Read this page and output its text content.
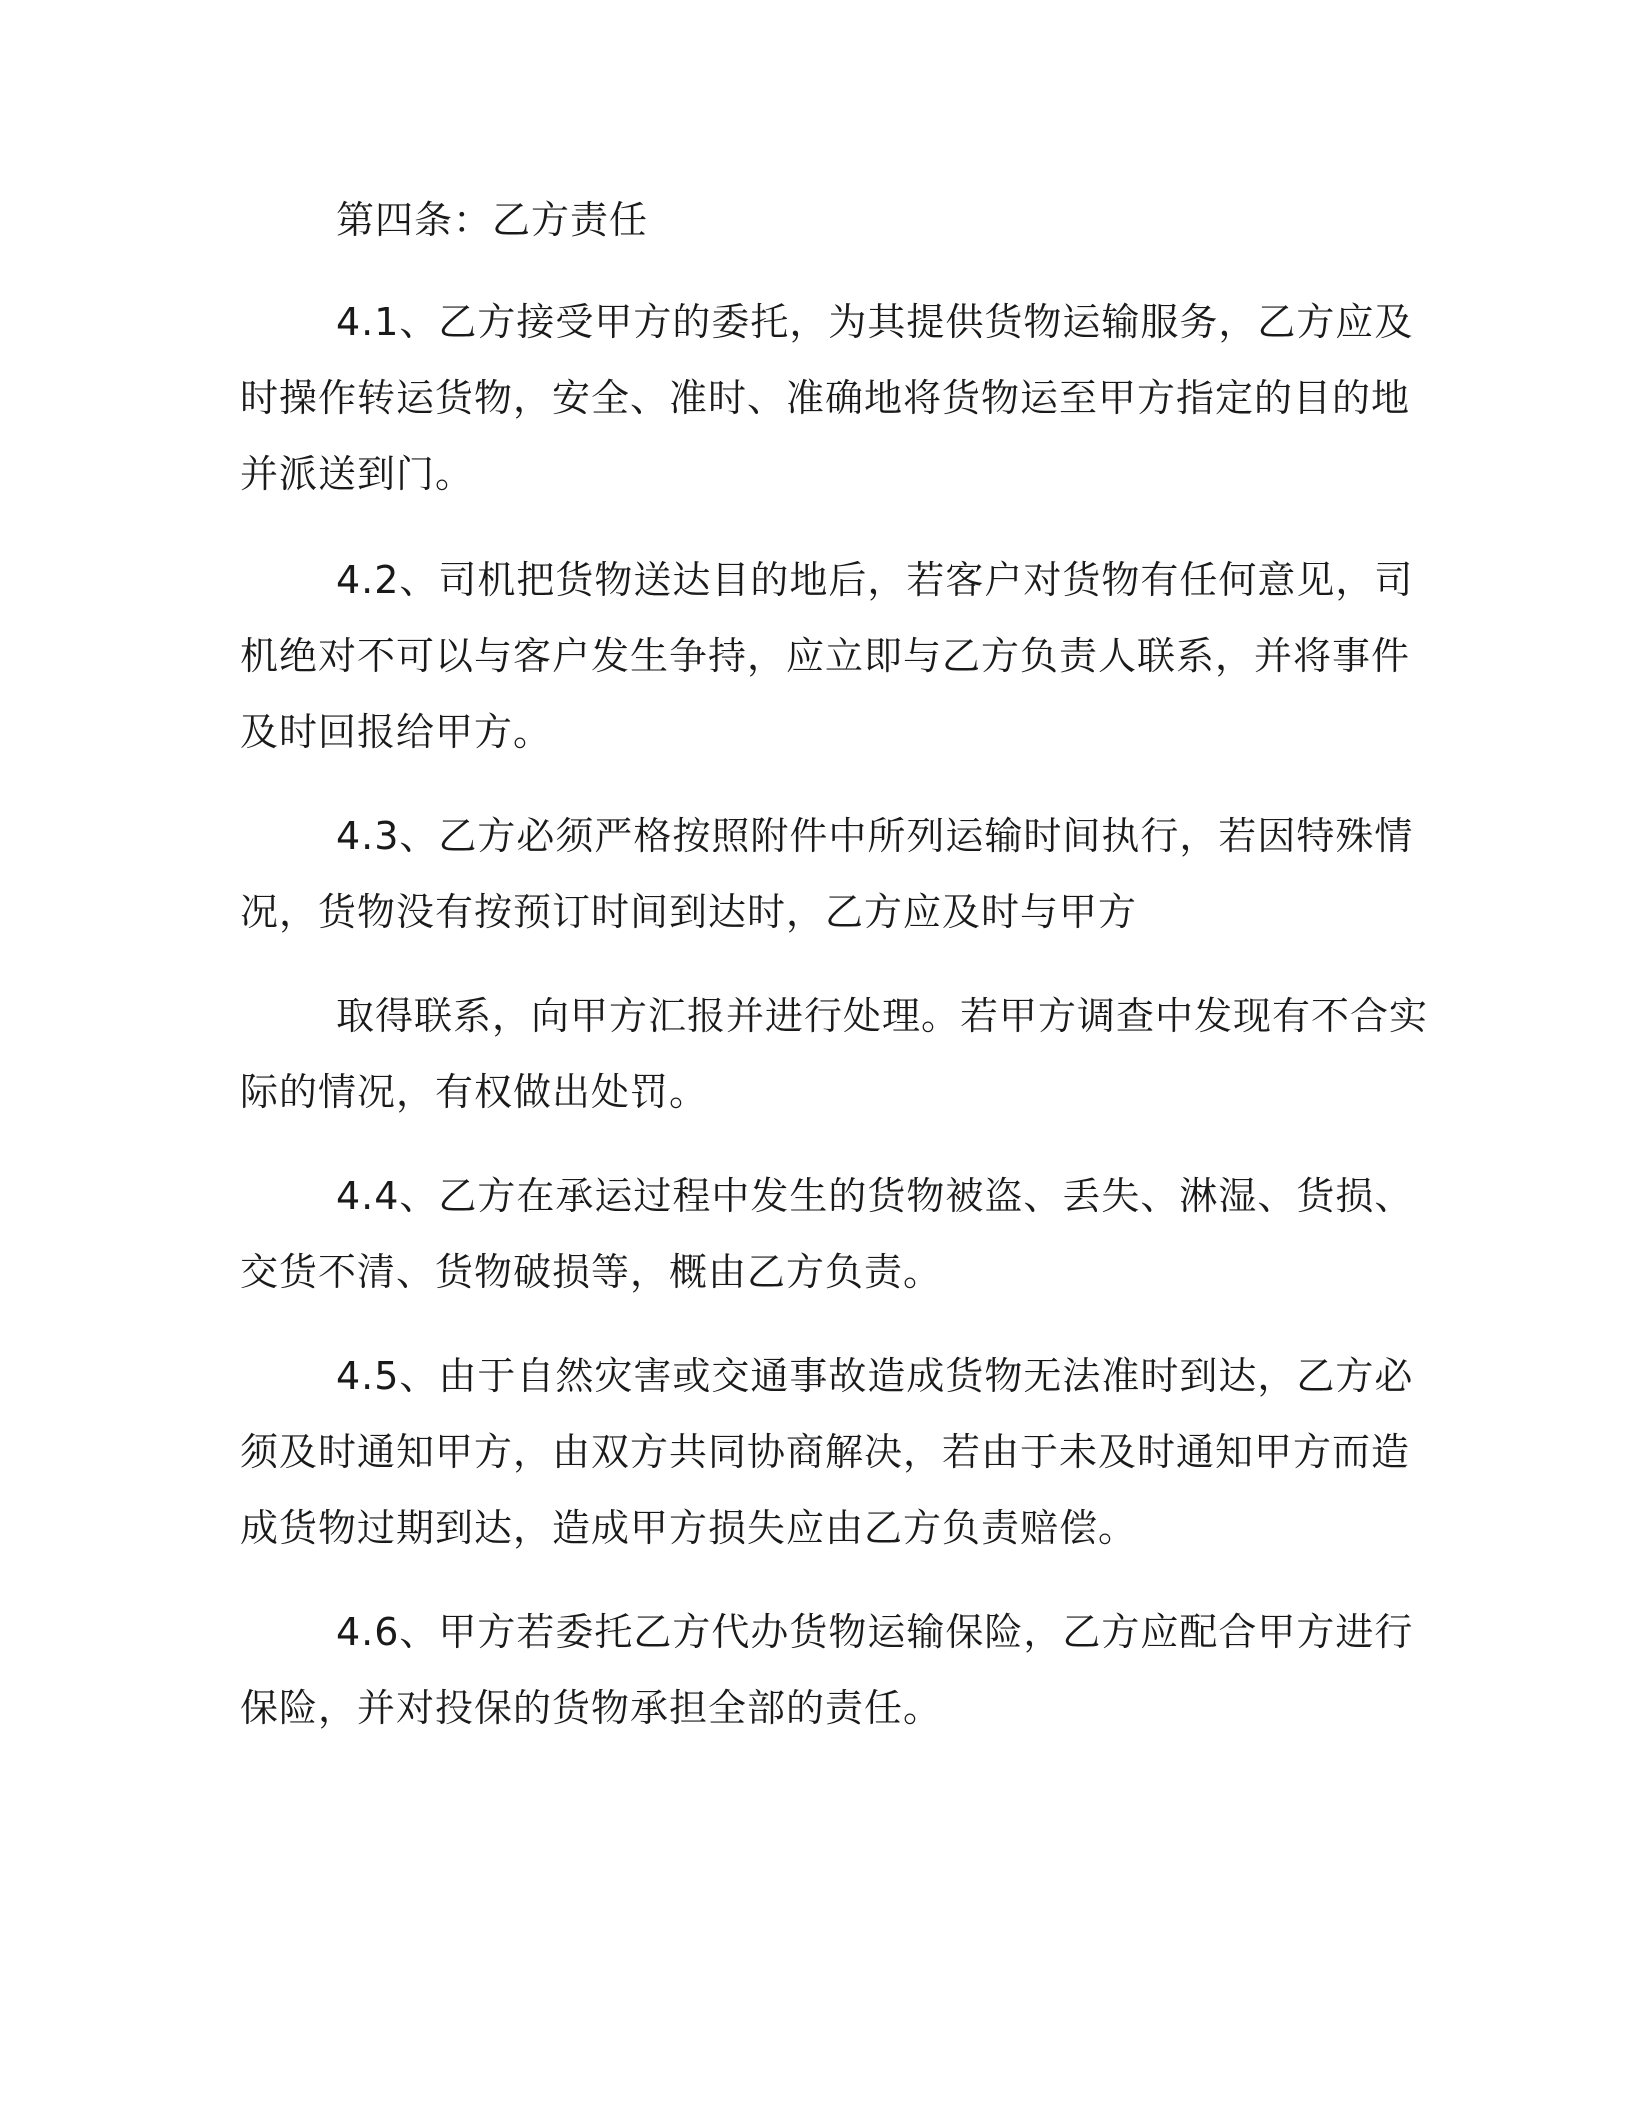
第四条：乙方责任
4.1、乙方接受甲方的委托，为其提供货物运输服务，乙方应及
时操作转运货物，安全、准时、准确地将货物运至甲方指定的目的地
并派送到门。
4.2、司机把货物送达目的地后，若客户对货物有任何意见，司
机绝对不可以与客户发生争持，应立即与乙方负责人联系，并将事件
及时回报给甲方。
4.3、乙方必须严格按照附件中所列运输时间执行，若因特殊情
况，货物没有按预订时间到达时，乙方应及时与甲方
取得联系，向甲方汇报并进行处理。若甲方调查中发现有不合实
际的情况，有权做出处罚。
4.4、乙方在承运过程中发生的货物被盗、丢失、淋湿、货损、
交货不清、货物破损等，概由乙方负责。
4.5、由于自然灾害或交通事故造成货物无法准时到达，乙方必
须及时通知甲方，由双方共同协商解决，若由于未及时通知甲方而造
成货物过期到达，造成甲方损失应由乙方负责赔偿。
4.6、甲方若委托乙方代办货物运输保险，乙方应配合甲方进行
保险，并对投保的货物承担全部的责任。
